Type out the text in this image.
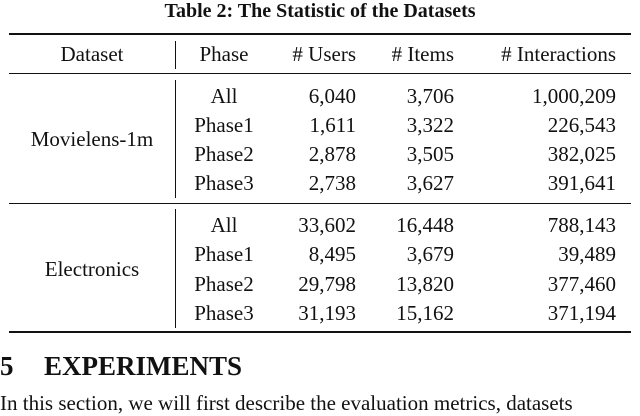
Table 2: The Statistic of the Datasets
Dataset	Phase	# Users	# Items	# Interactions
Movielens-1m
All	6,040	3,706	1,000,209
Phase1	1,611	3,322	226,543
Phase2	2,878	3,505	382,025
Phase3	2,738	3,627	391,641
Electronics
All	33,602	16,448	788,143
Phase1	8,495	3,679	39,489
Phase2	29,798	13,820	377,460
Phase3	31,193	15,162	371,194
5 EXPERIMENTS
In this section, we will first describe the evaluation metrics, datasets
